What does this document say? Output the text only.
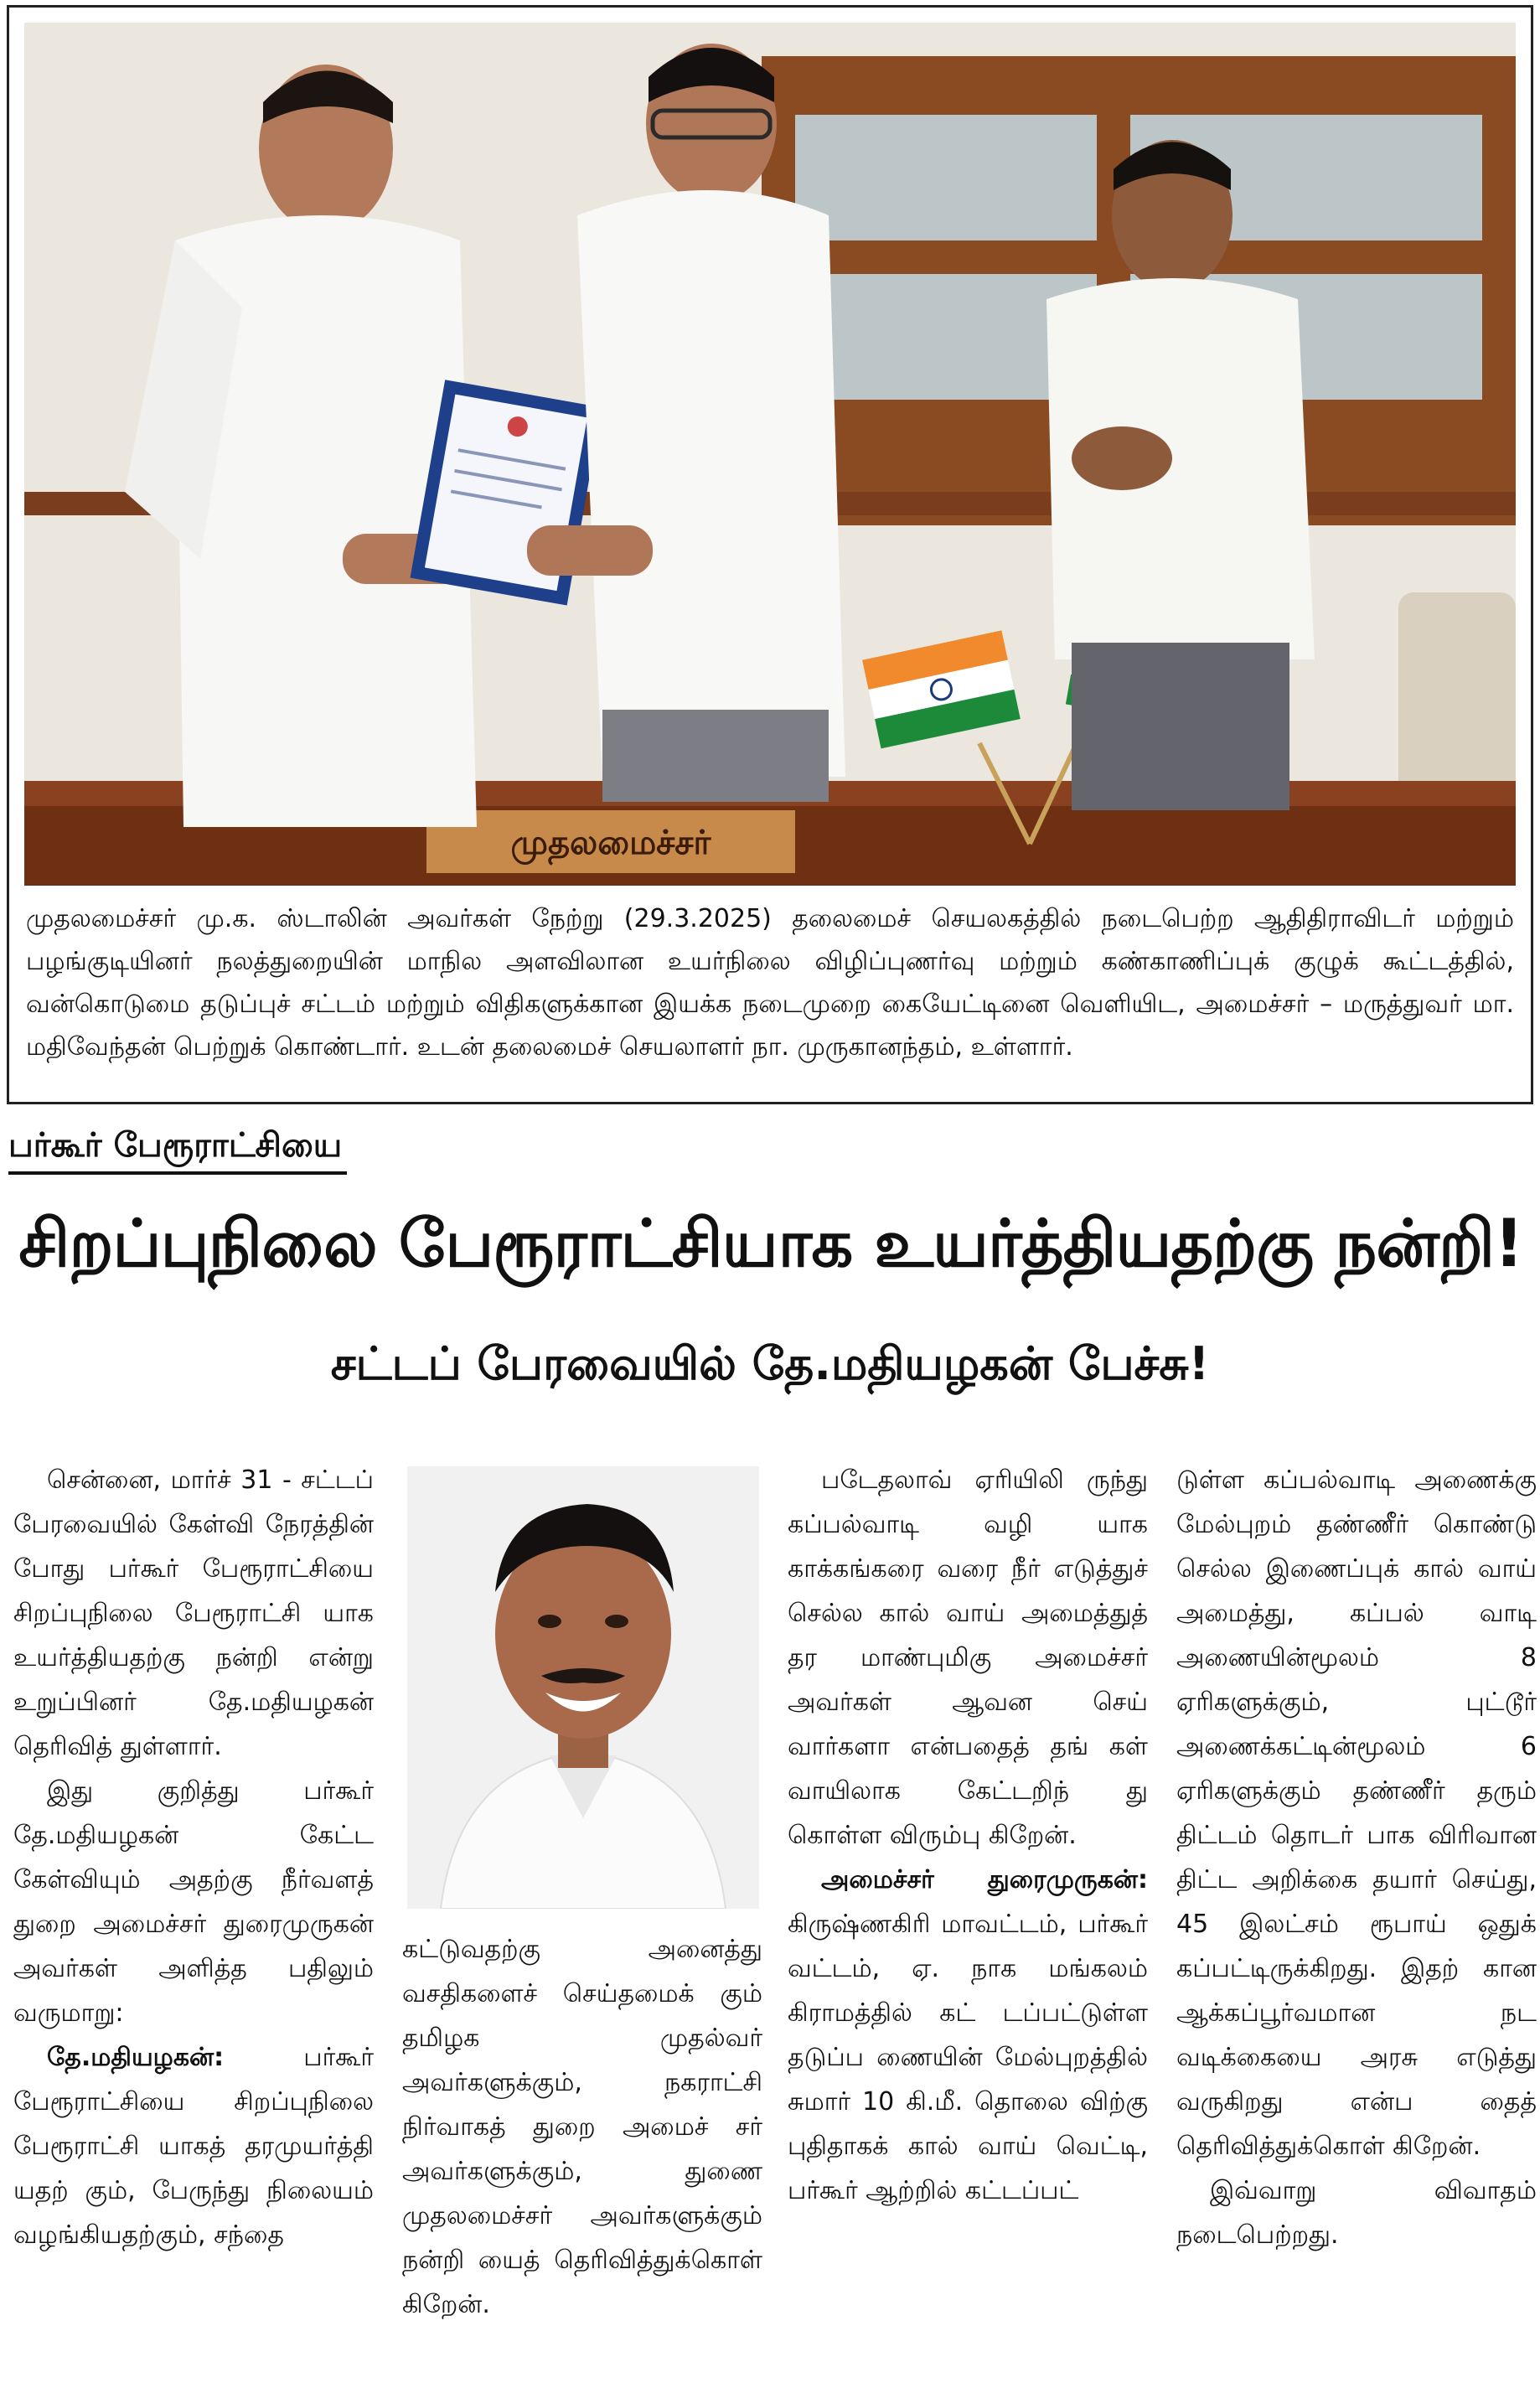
முதலமைச்சர்
முதலமைச்சர் மு.க. ஸ்டாலின் அவர்கள் நேற்று (29.3.2025) தலைமைச் செயலகத்தில் நடைபெற்ற ஆதிதிராவிடர் மற்றும் பழங்குடியினர் நலத்துறையின் மாநில அளவிலான உயர்நிலை விழிப்புணர்வு மற்றும் கண்காணிப்புக் குழுக் கூட்டத்தில், வன்கொடுமை தடுப்புச் சட்டம் மற்றும் விதிகளுக்கான இயக்க நடைமுறை கையேட்டினை வெளியிட, அமைச்சர் – மருத்துவர் மா. மதிவேந்தன் பெற்றுக் கொண்டார். உடன் தலைமைச் செயலாளர் நா. முருகானந்தம், உள்ளார்.
பர்கூர் பேரூராட்சியை
சிறப்புநிலை பேரூராட்சியாக உயர்த்தியதற்கு நன்றி!
சட்டப் பேரவையில் தே.மதியழகன் பேச்சு!

சென்னை, மார்ச் 31 - சட்டப் பேரவையில் கேள்வி நேரத்தின் போது பர்கூர் பேரூராட்சியை சிறப்புநிலை பேரூராட்சி யாக உயர்த்தியதற்கு நன்றி என்று உறுப்பினர் தே.மதியழகன் தெரிவித் துள்ளார்.

இது குறித்து பர்கூர் தே.மதியழகன் கேட்ட கேள்வியும் அதற்கு நீர்வளத் துறை அமைச்சர் துரைமுருகன் அவர்கள் அளித்த பதிலும் வருமாறு:

தே.மதியழகன்: பர்கூர் பேரூராட்சியை சிறப்புநிலை பேரூராட்சி யாகத் தரமுயர்த்தி யதற் கும், பேருந்து நிலையம் வழங்கியதற்கும், சந்தை

கட்டுவதற்கு அனைத்து வசதிகளைச் செய்தமைக் கும் தமிழக முதல்வர் அவர்களுக்கும், நகராட்சி நிர்வாகத் துறை அமைச் சர் அவர்களுக்கும், துணை முதலமைச்சர் அவர்களுக்கும் நன்றி யைத் தெரிவித்துக்கொள் கிறேன்.

படேதலாவ் ஏரியிலி ருந்து கப்பல்வாடி வழி யாக காக்கங்கரை வரை நீர் எடுத்துச் செல்ல கால் வாய் அமைத்துத் தர மாண்புமிகு அமைச்சர் அவர்கள் ஆவன செய் வார்களா என்பதைத் தங் கள் வாயிலாக கேட்டறிந் து கொள்ள விரும்பு கிறேன்.

அமைச்சர் துரைமுருகன்: கிருஷ்ணகிரி மாவட்டம், பர்கூர் வட்டம், ஏ. நாக மங்கலம் கிராமத்தில் கட் டப்பட்டுள்ள தடுப்ப ணையின் மேல்புறத்தில் சுமார் 10 கி.மீ. தொலை விற்கு புதிதாகக் கால் வாய் வெட்டி, பர்கூர் ஆற்றில் கட்டப்பட்

டுள்ள கப்பல்வாடி அணைக்கு மேல்புறம் தண்ணீர் கொண்டு செல்ல இணைப்புக் கால் வாய் அமைத்து, கப்பல் வாடி அணையின்மூலம் 8 ஏரிகளுக்கும், புட்டூர் அணைக்கட்டின்மூலம் 6 ஏரிகளுக்கும் தண்ணீர் தரும் திட்டம் தொடர் பாக விரிவான திட்ட அறிக்கை தயார் செய்து, 45 இலட்சம் ரூபாய் ஒதுக் கப்பட்டிருக்கிறது. இதற் கான ஆக்கப்பூர்வமான நட வடிக்கையை அரசு எடுத்து வருகிறது என்ப தைத் தெரிவித்துக்கொள் கிறேன்.

இவ்வாறு விவாதம் நடைபெற்றது.
